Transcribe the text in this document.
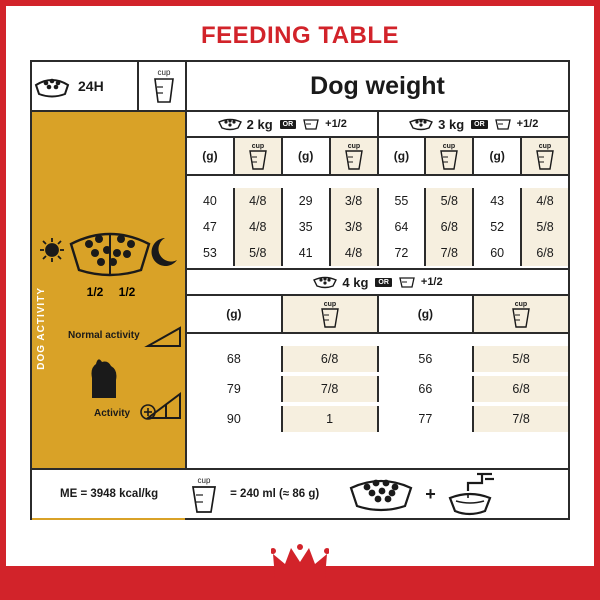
FEEDING TABLE
24H
cup	Dog weight
DOG ACTIVITY	1/2 1/2
Normal activity
Activity
2 kg	OR	+1/2	3 kg	OR	+1/2
(g)
cup
(g)
cup
(g)
cup
(g)
cup
40	4/8	29	3/8	55	5/8	43	4/8
47	4/8	35	3/8	64	6/8	52	5/8
53	5/8	41	4/8	72	7/8	60	6/8
4 kg	OR	+1/2
(g)
cup
(g)
cup
68	6/8	56	5/8
79	7/8	66	6/8
90	1	77	7/8
ME = 3948 kcal/kg
cup
= 240 ml (≈ 86 g)	+
